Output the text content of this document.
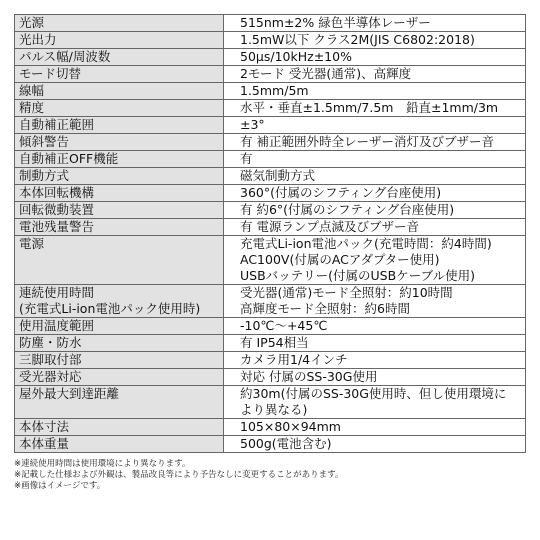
光源	515nm±2% 緑色半導体レーザー

光出力	1.5mW以下 クラス2M(JIS C6802:2018)

パルス幅/周波数	50μs/10kHz±10%

モード切替	2モード 受光器(通常)、高輝度

線幅	1.5mm/5m

精度	水平・垂直±1.5mm/7.5m　鉛直±1mm/3m

自動補正範囲	±3°

傾斜警告	有 補正範囲外時全レーザー消灯及びブザー音

自動補正OFF機能	有

制動方式	磁気制動方式

本体回転機構	360°(付属のシフティング台座使用)

回転微動装置	有 約6°(付属のシフティング台座使用)

電池残量警告	有 電源ランプ点滅及びブザー音

電源	充電式Li-ion電池パック(充電時間：約4時間)
AC100V(付属のACアダプター使用)
USBバッテリー(付属のUSBケーブル使用)

連続使用時間
(充電式Li-ion電池パック使用時)	受光器(通常)モード全照射：約10時間
高輝度モード全照射：約6時間

使用温度範囲	-10℃～+45℃

防塵・防水	有 IP54相当

三脚取付部	カメラ用1/4インチ

受光器対応	対応 付属のSS-30G使用

屋外最大到達距離	約30m(付属のSS-30G使用時、但し使用環境に
より異なる)

本体寸法	105×80×94mm

本体重量	500g(電池含む)
※連続使用時間は使用環境により異なります。
※記載した仕様および外観は、製品改良等により予告なしに変更することがあります。
※画像はイメージです。
